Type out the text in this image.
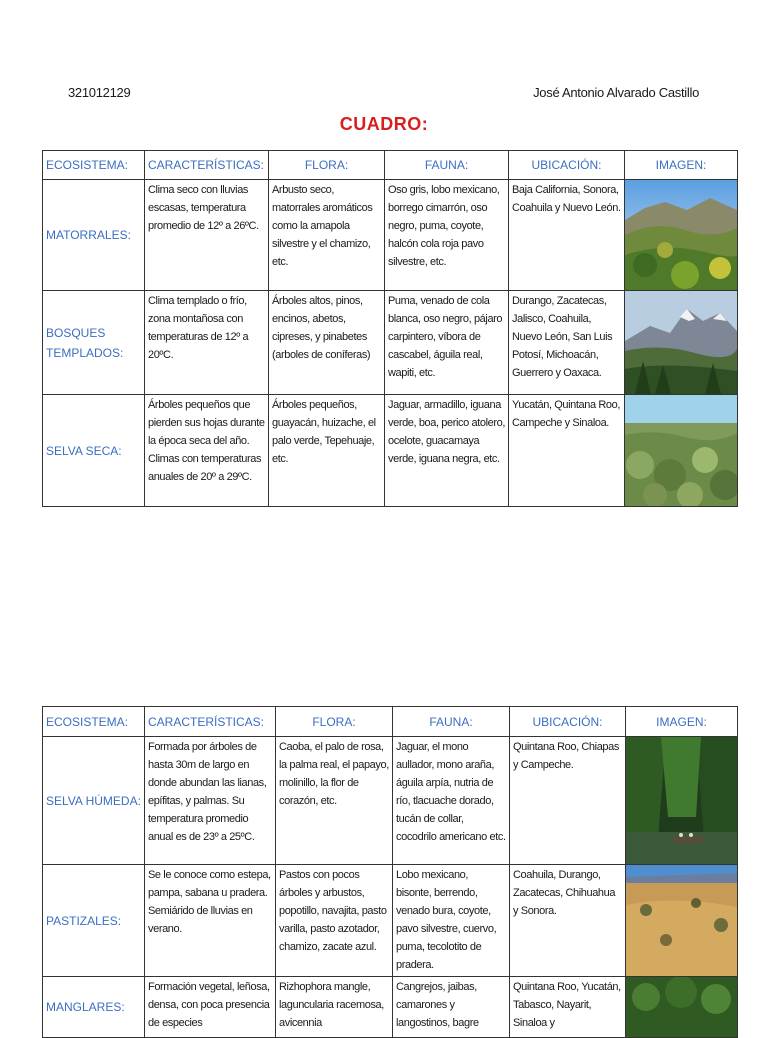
321012129	José Antonio Alvarado Castillo
CUADRO:
ECOSISTEMA:	CARACTERÍSTICAS:	FLORA:	FAUNA:	UBICACIÓN:	IMAGEN:
MATORRALES:	Clima seco con lluvias escasas, temperatura promedio de 12º a 26ºC.	Arbusto seco, matorrales aromáticos como la amapola silvestre y el chamizo, etc.	Oso gris, lobo mexicano, borrego cimarrón, oso negro, puma, coyote, halcón cola roja pavo silvestre, etc.	Baja California, Sonora, Coahuila y Nuevo León.	

BOSQUES TEMPLADOS:	Clima templado o frío, zona montañosa con temperaturas de 12º a 20ºC.	Árboles altos, pinos, encinos, abetos, cipreses, y pinabetes (arboles de coníferas)	Puma, venado de cola blanca, oso negro, pájaro carpintero, víbora de cascabel, águila real, wapiti, etc.	Durango, Zacatecas, Jalisco, Coahuila, Nuevo León, San Luis Potosí, Michoacán, Guerrero y Oaxaca.	

SELVA SECA:	Árboles pequeños que pierden sus hojas durante la época seca del año. Climas con temperaturas anuales de 20º a 29ºC.	Árboles pequeños, guayacán, huizache, el palo verde, Tepehuaje, etc.	Jaguar, armadillo, iguana verde, boa, perico atolero, ocelote, guacamaya verde, iguana negra, etc.	Yucatán, Quintana Roo, Campeche y Sinaloa.	
ECOSISTEMA:	CARACTERÍSTICAS:	FLORA:	FAUNA:	UBICACIÓN:	IMAGEN:
SELVA HÚMEDA:	Formada por árboles de hasta 30m de largo en donde abundan las lianas, epífitas, y palmas. Su temperatura promedio anual es de 23º a 25ºC.	Caoba, el palo de rosa, la palma real, el papayo, molinillo, la flor de corazón, etc.	Jaguar, el mono aullador, mono araña, águila arpía, nutria de río, tlacuache dorado, tucán de collar, cocodrilo americano etc.	Quintana Roo, Chiapas y Campeche.	

PASTIZALES:	Se le conoce como estepa, pampa, sabana u pradera. Semiárido de lluvias en verano.	Pastos con pocos árboles y arbustos, popotillo, navajita, pasto varilla, pasto azotador, chamizo, zacate azul.	Lobo mexicano, bisonte, berrendo, venado bura, coyote, pavo silvestre, cuervo, puma, tecolotito de pradera.	Coahuila, Durango, Zacatecas, Chihuahua y Sonora.	

MANGLARES:	Formación vegetal, leñosa, densa, con poca presencia de especies	Rizhophora mangle, laguncularia racemosa, avicennia	Cangrejos, jaibas, camarones y langostinos, bagre	Quintana Roo, Yucatán, Tabasco, Nayarit, Sinaloa y	
